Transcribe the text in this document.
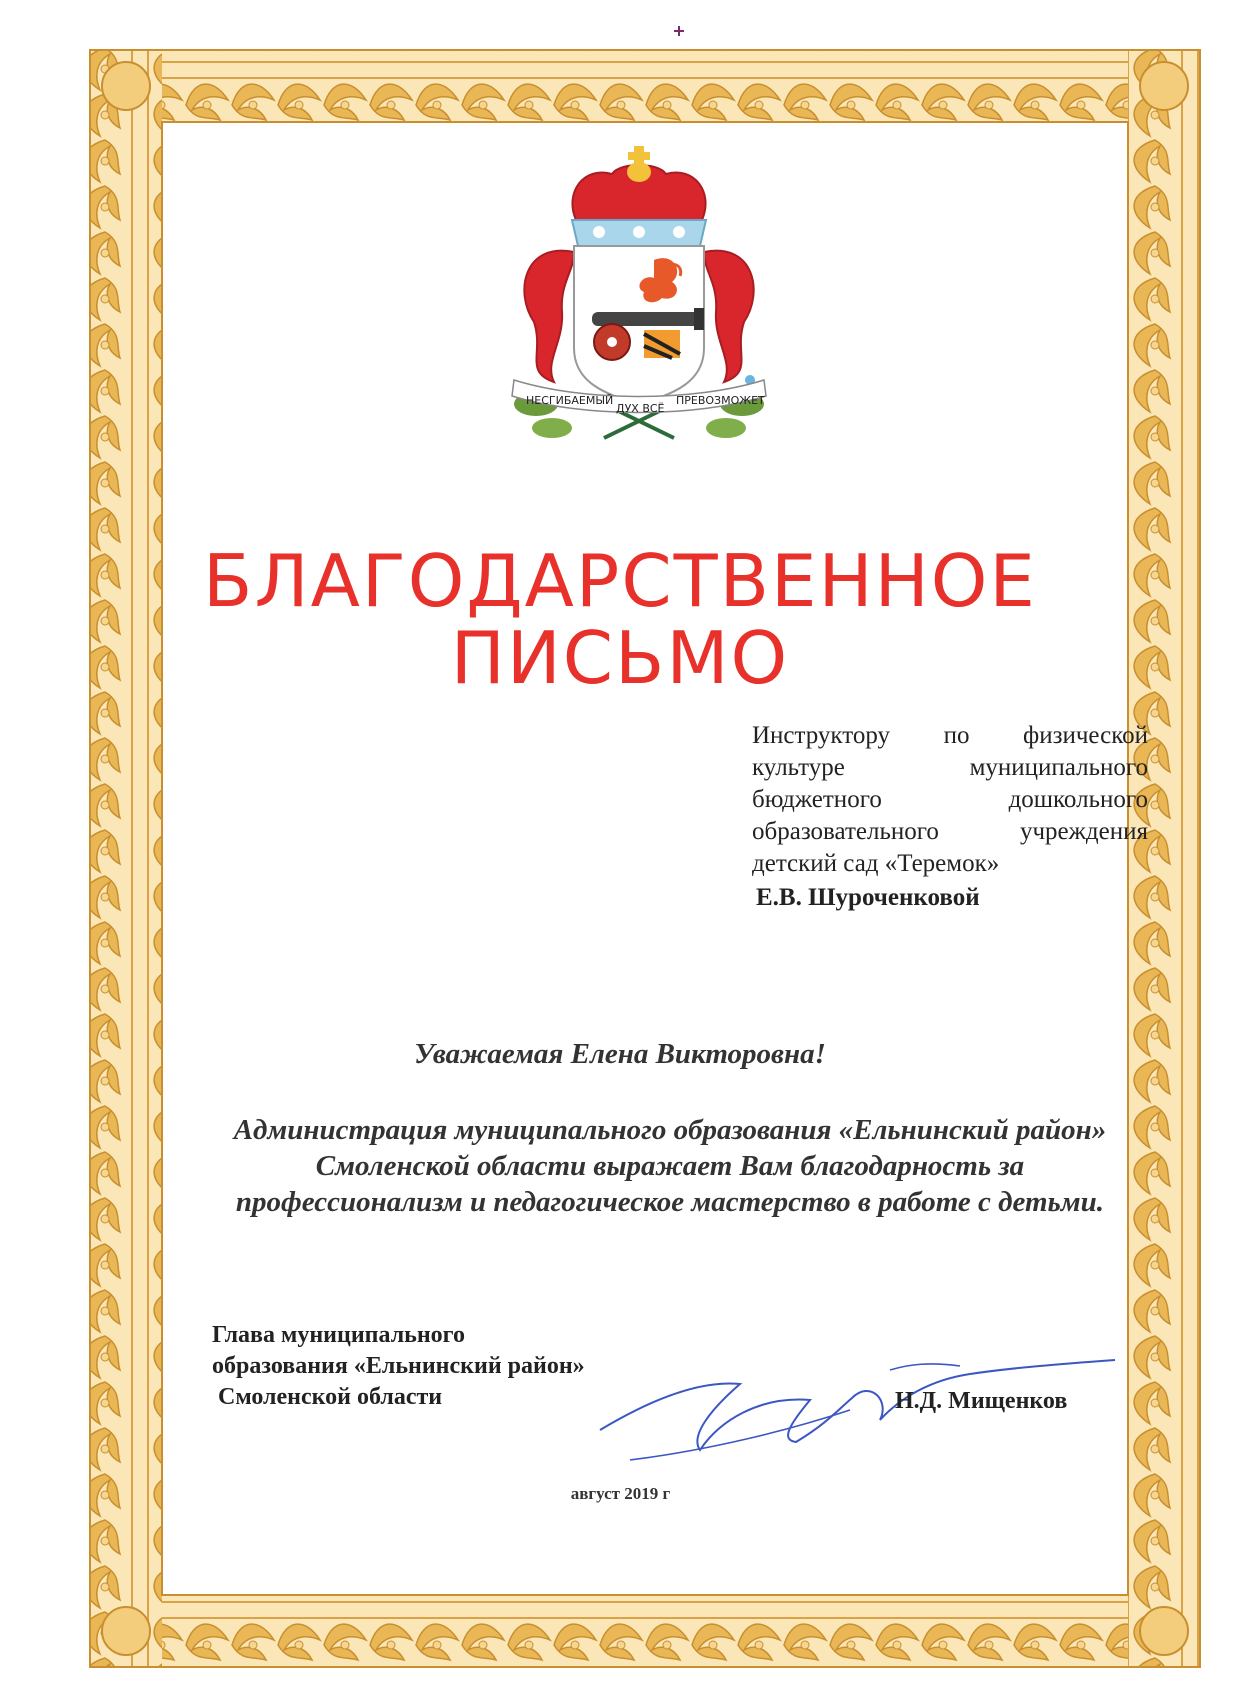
НЕСГИБАЕМЫЙ
ДУХ ВСЁ
ПРЕВОЗМОЖЕТ
БЛАГОДАРСТВЕННОЕ
ПИСЬМО
Инструктору по физической
культуре муниципального
бюджетного дошкольного
образовательного учреждения
детский сад «Теремок»
Е.В. Шуроченковой
Уважаемая Елена Викторовна!
Администрация муниципального образования «Ельнинский район» Смоленской области выражает Вам благодарность за профессионализм и педагогическое мастерство в работе с детьми.
Глава муниципального
образования «Ельнинский район»
Смоленской области	Н.Д. Мищенков
август 2019 г
